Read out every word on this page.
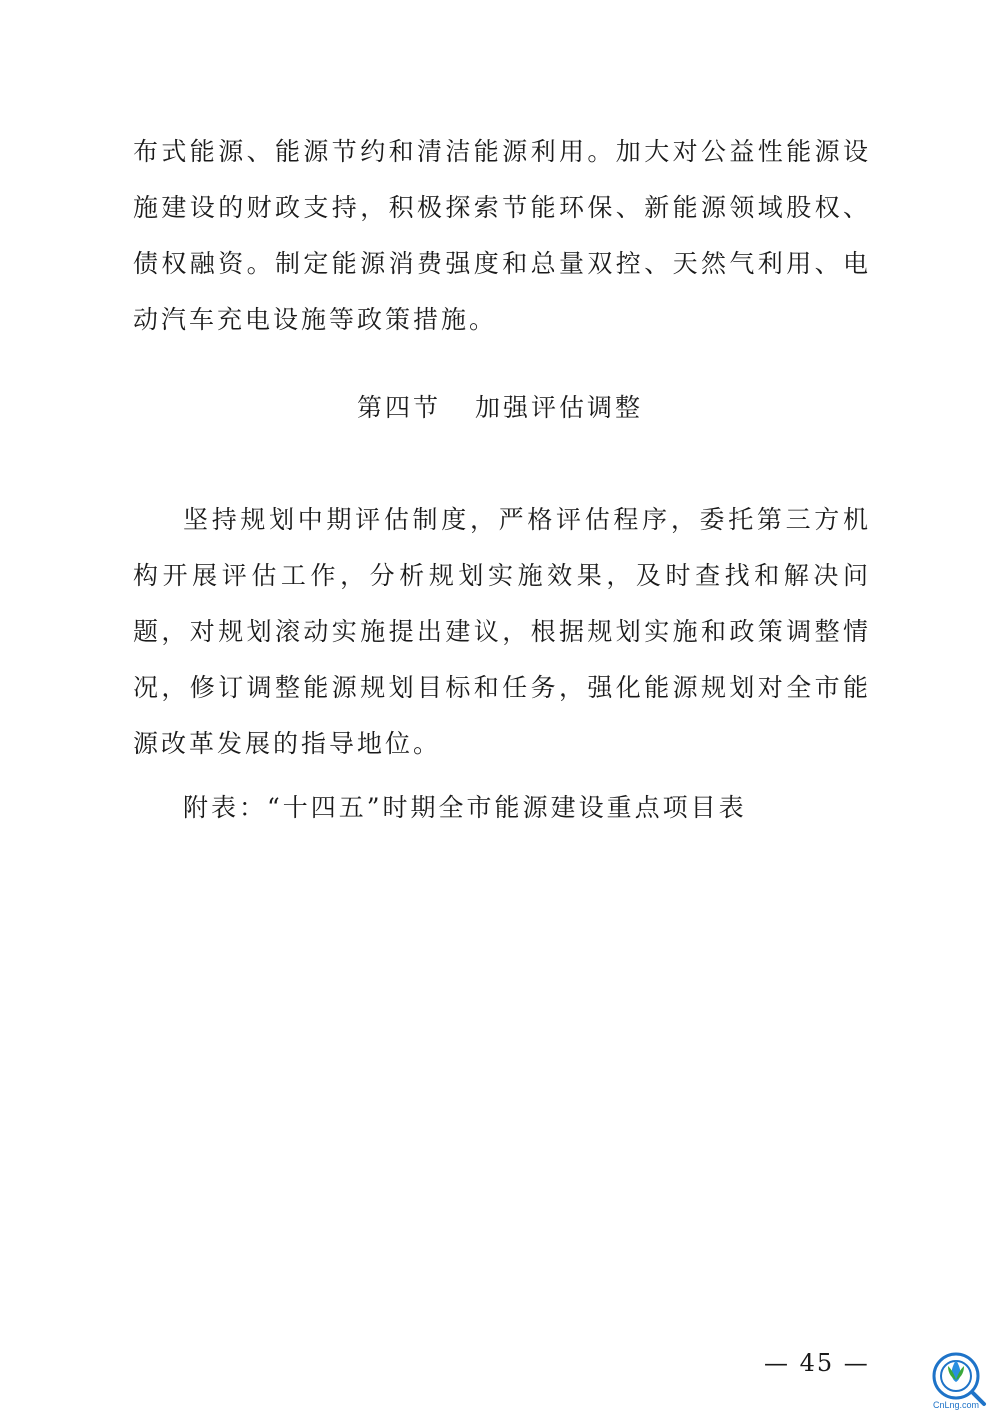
布式能源、能源节约和清洁能源利用。加大对公益性能源设施建设的财政支持，积极探索节能环保、新能源领域股权、债权融资。制定能源消费强度和总量双控、天然气利用、电动汽车充电设施等政策措施。

第四节 加强评估调整

坚持规划中期评估制度，严格评估程序，委托第三方机构开展评估工作，分析规划实施效果，及时查找和解决问题，对规划滚动实施提出建议，根据规划实施和政策调整情况，修订调整能源规划目标和任务，强化能源规划对全市能源改革发展的指导地位。

附表：“十四五”时期全市能源建设重点项目表

— 45 —
CnLng.com
